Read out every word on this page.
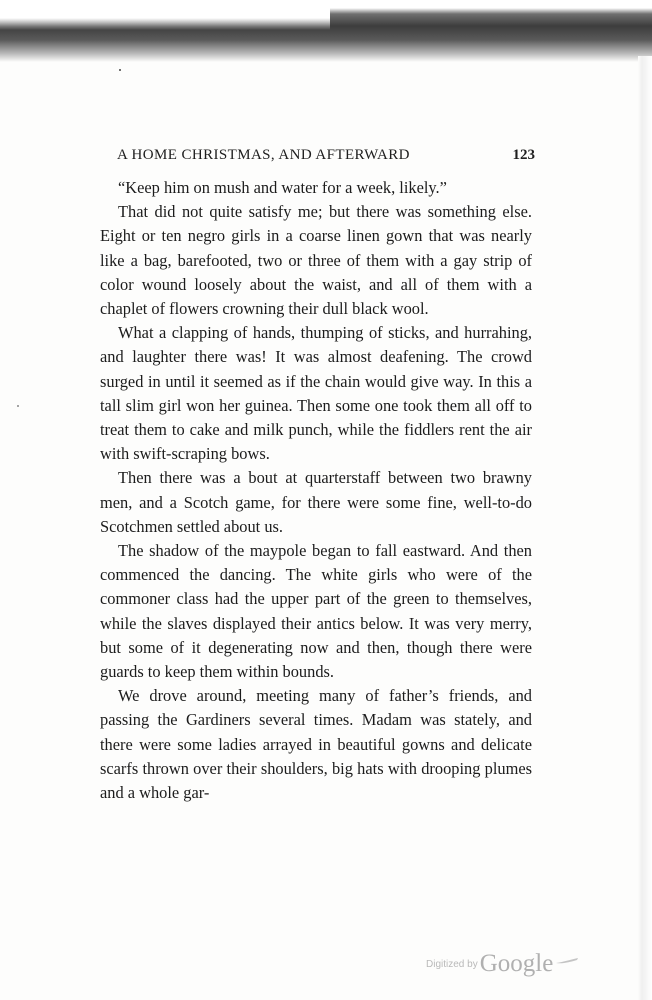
A HOME CHRISTMAS, AND AFTERWARD	123

“Keep him on mush and water for a week, likely.”

That did not quite satisfy me; but there was something else. Eight or ten negro girls in a coarse linen gown that was nearly like a bag, barefooted, two or three of them with a gay strip of color wound loosely about the waist, and all of them with a chaplet of flowers crowning their dull black wool.

What a clapping of hands, thumping of sticks, and hurrahing, and laughter there was! It was almost deafening. The crowd surged in until it seemed as if the chain would give way. In this a tall slim girl won her guinea. Then some one took them all off to treat them to cake and milk punch, while the fiddlers rent the air with swift-scraping bows.

Then there was a bout at quarterstaff between two brawny men, and a Scotch game, for there were some fine, well-to-do Scotchmen settled about us.

The shadow of the maypole began to fall eastward. And then commenced the dancing. The white girls who were of the commoner class had the upper part of the green to themselves, while the slaves displayed their antics below. It was very merry, but some of it degenerating now and then, though there were guards to keep them within bounds.

We drove around, meeting many of father’s friends, and passing the Gardiners several times. Madam was stately, and there were some ladies arrayed in beautiful gowns and delicate scarfs thrown over their shoulders, big hats with drooping plumes and a whole gar-

$^{Digitized by}$Google
